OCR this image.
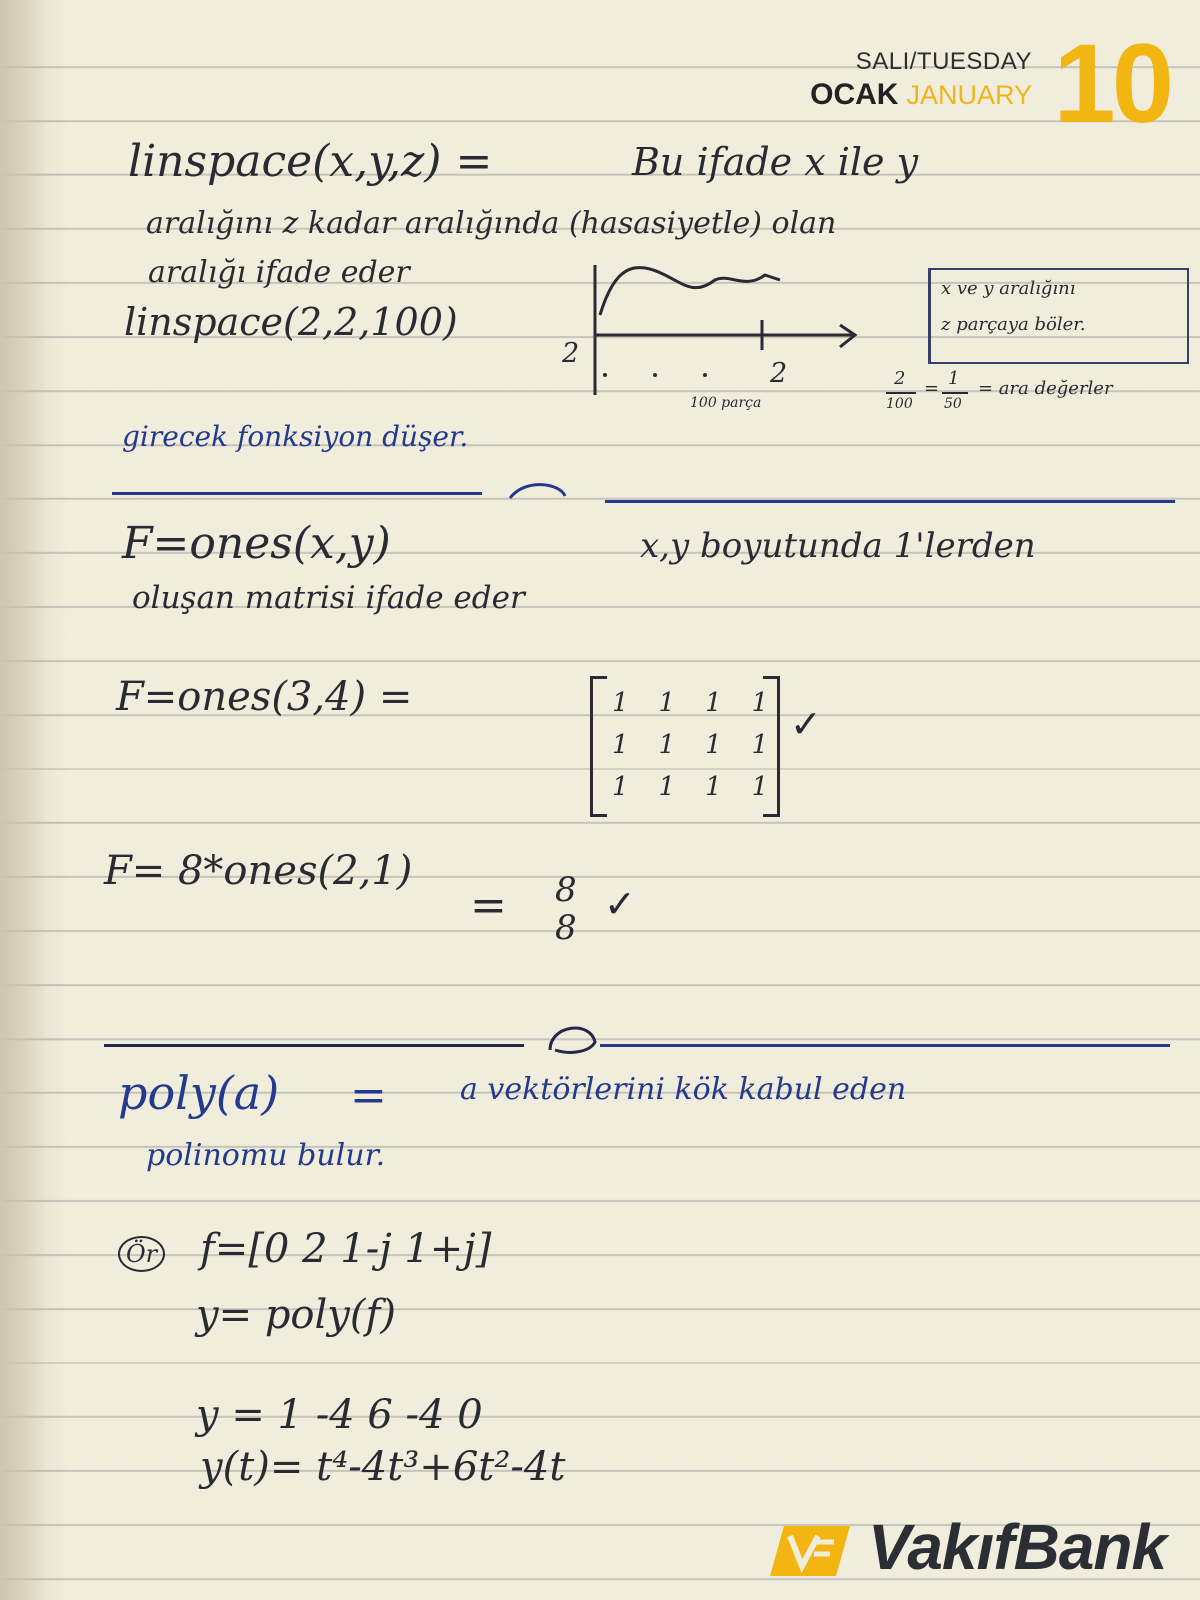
SALI/TUESDAY
OCAK JANUARY 10
linspace(x,y,z) =	Bu ifade x ile y
aralığını z kadar aralığında (hasasiyetle) olan
aralığı ifade eder
linspace(2,2,100)
2
2
100 parça
x ve y aralığını
z parçaya böler.
2
100
= 1
50
= ara değerler
girecek fonksiyon düşer.
F=ones(x,y)	x,y boyutunda 1'lerden
oluşan matrisi ifade eder
F=ones(3,4) =	1 1 1 1
1 1 1 1
1 1 1 1
✓
F= 8*ones(2,1)
= 8
8
✓
poly(a) = a vektörlerini kök kabul eden
polinomu bulur.
Ör f=[0 2 1-j 1+j]
y= poly(f)
y = 1 -4 6 -4 0
y(t)= t⁴-4t³+6t²-4t
VakıfBank
